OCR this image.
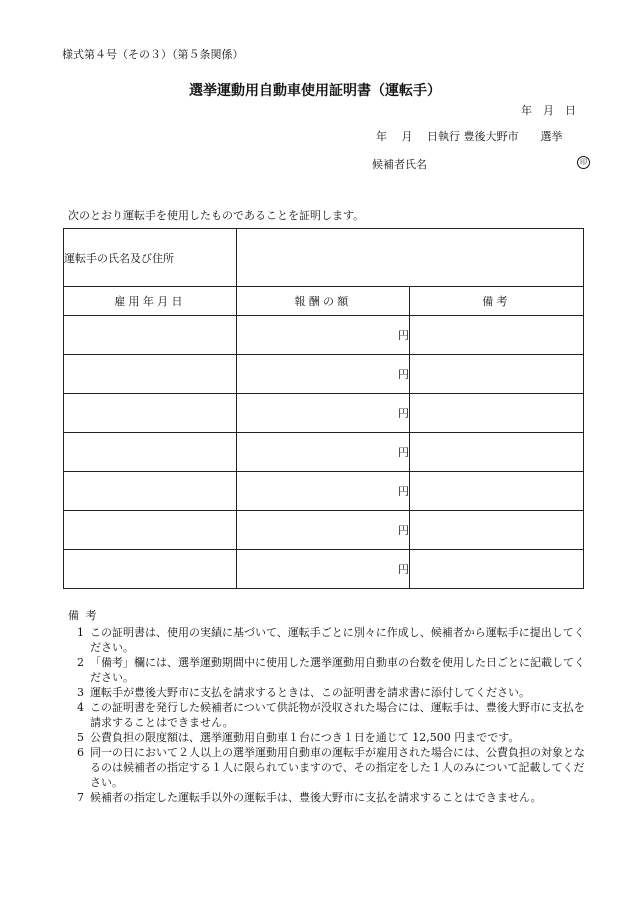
様式第４号（その３）（第５条関係）
選挙運動用自動車使用証明書（運転手）
年　月　日
年　 月　 日執行 豊後大野市　　選挙
候補者氏名	印
次のとおり運転手を使用したものであることを証明します。
運転手の氏名及び住所		
雇用年月日	報酬の額	備考
	円	
	円	
	円	
	円	
	円	
	円	
	円	
備考
1 この証明書は、使用の実績に基づいて、運転手ごとに別々に作成し、候補者から運転手に提出してください。
2 「備考」欄には、選挙運動期間中に使用した選挙運動用自動車の台数を使用した日ごとに記載してください。
3 運転手が豊後大野市に支払を請求するときは、この証明書を請求書に添付してください。
4 この証明書を発行した候補者について供託物が没収された場合には、運転手は、豊後大野市に支払を請求することはできません。
5 公費負担の限度額は、選挙運動用自動車１台につき１日を通じて 12,500 円までです。
6 同一の日において２人以上の選挙運動用自動車の運転手が雇用された場合には、公費負担の対象となるのは候補者の指定する１人に限られていますので、その指定をした１人のみについて記載してください。
7 候補者の指定した運転手以外の運転手は、豊後大野市に支払を請求することはできません。
